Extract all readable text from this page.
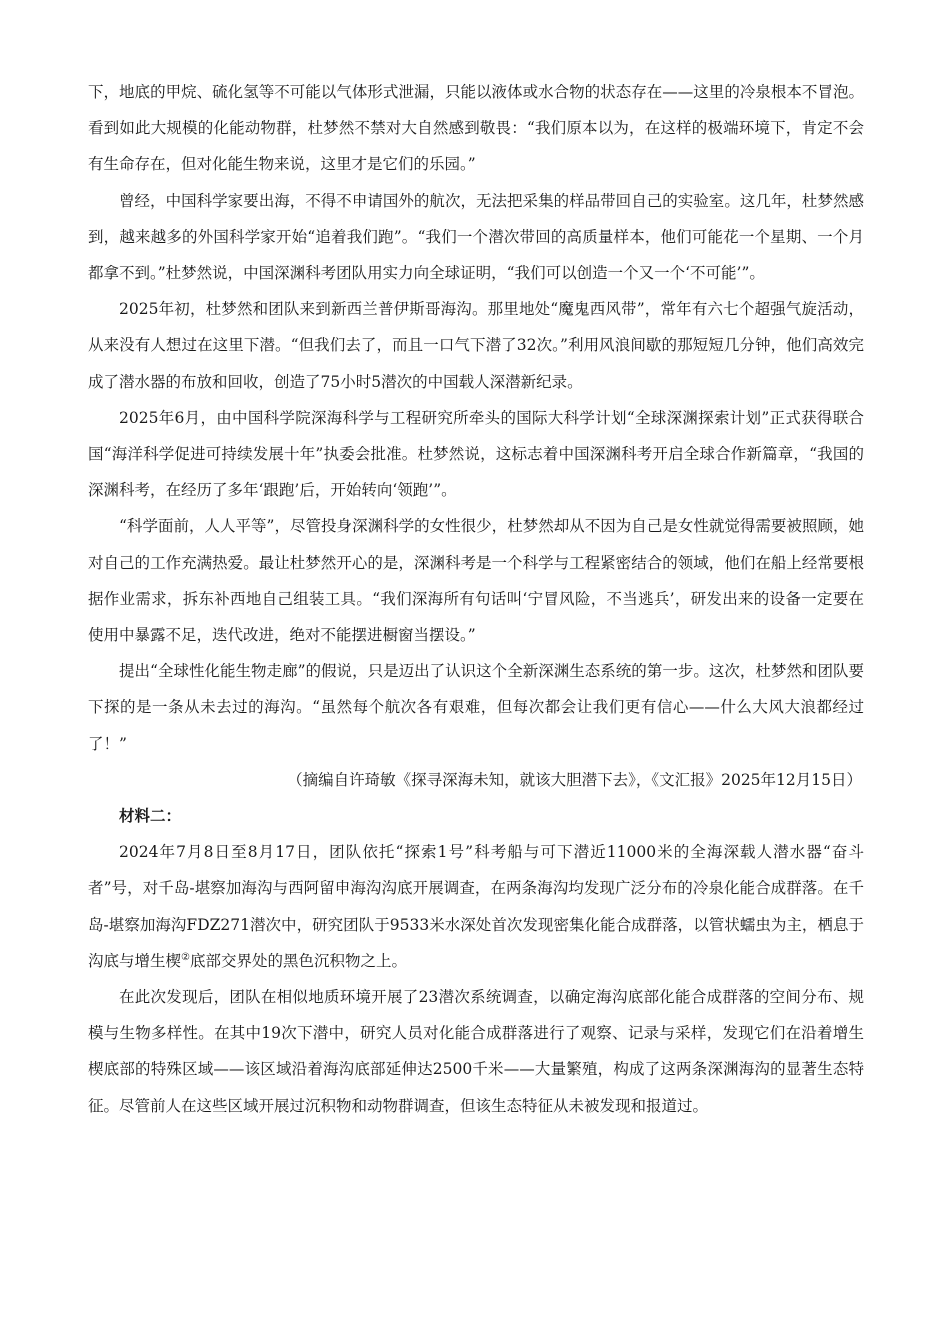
下，地底的甲烷、硫化氢等不可能以气体形式泄漏，只能以液体或水合物的状态存在——这里的冷泉根本不冒泡。看到如此大规模的化能动物群，杜梦然不禁对大自然感到敬畏：“我们原本以为，在这样的极端环境下，肯定不会有生命存在，但对化能生物来说，这里才是它们的乐园。”

曾经，中国科学家要出海，不得不申请国外的航次，无法把采集的样品带回自己的实验室。这几年，杜梦然感到，越来越多的外国科学家开始“追着我们跑”。“我们一个潜次带回的高质量样本，他们可能花一个星期、一个月都拿不到。”杜梦然说，中国深渊科考团队用实力向全球证明，“我们可以创造一个又一个‘不可能’”。

2025年初，杜梦然和团队来到新西兰普伊斯哥海沟。那里地处“魔鬼西风带”，常年有六七个超强气旋活动，从来没有人想过在这里下潜。“但我们去了，而且一口气下潜了32次。”利用风浪间歇的那短短几分钟，他们高效完成了潜水器的布放和回收，创造了75小时5潜次的中国载人深潜新纪录。

2025年6月，由中国科学院深海科学与工程研究所牵头的国际大科学计划“全球深渊探索计划”正式获得联合国“海洋科学促进可持续发展十年”执委会批准。杜梦然说，这标志着中国深渊科考开启全球合作新篇章，“我国的深渊科考，在经历了多年‘跟跑’后，开始转向‘领跑’”。

“科学面前，人人平等”，尽管投身深渊科学的女性很少，杜梦然却从不因为自己是女性就觉得需要被照顾，她对自己的工作充满热爱。最让杜梦然开心的是，深渊科考是一个科学与工程紧密结合的领域，他们在船上经常要根据作业需求，拆东补西地自己组装工具。“我们深海所有句话叫‘宁冒风险，不当逃兵’，研发出来的设备一定要在使用中暴露不足，迭代改进，绝对不能摆进橱窗当摆设。”

提出“全球性化能生物走廊”的假说，只是迈出了认识这个全新深渊生态系统的第一步。这次，杜梦然和团队要下探的是一条从未去过的海沟。“虽然每个航次各有艰难，但每次都会让我们更有信心——什么大风大浪都经过了！”

（摘编自许琦敏《探寻深海未知，就该大胆潜下去》，《文汇报》2025年12月15日）

材料二：

2024年7月8日至8月17日，团队依托“探索1号”科考船与可下潜近11000米的全海深载人潜水器“奋斗者”号，对千岛-堪察加海沟与西阿留申海沟沟底开展调查，在两条海沟均发现广泛分布的冷泉化能合成群落。在千岛-堪察加海沟FDZ271潜次中，研究团队于9533米水深处首次发现密集化能合成群落，以管状蠕虫为主，栖息于沟底与增生楔②底部交界处的黑色沉积物之上。

在此次发现后，团队在相似地质环境开展了23潜次系统调查，以确定海沟底部化能合成群落的空间分布、规模与生物多样性。在其中19次下潜中，研究人员对化能合成群落进行了观察、记录与采样，发现它们在沿着增生楔底部的特殊区域——该区域沿着海沟底部延伸达2500千米——大量繁殖，构成了这两条深渊海沟的显著生态特征。尽管前人在这些区域开展过沉积物和动物群调查，但该生态特征从未被发现和报道过。
